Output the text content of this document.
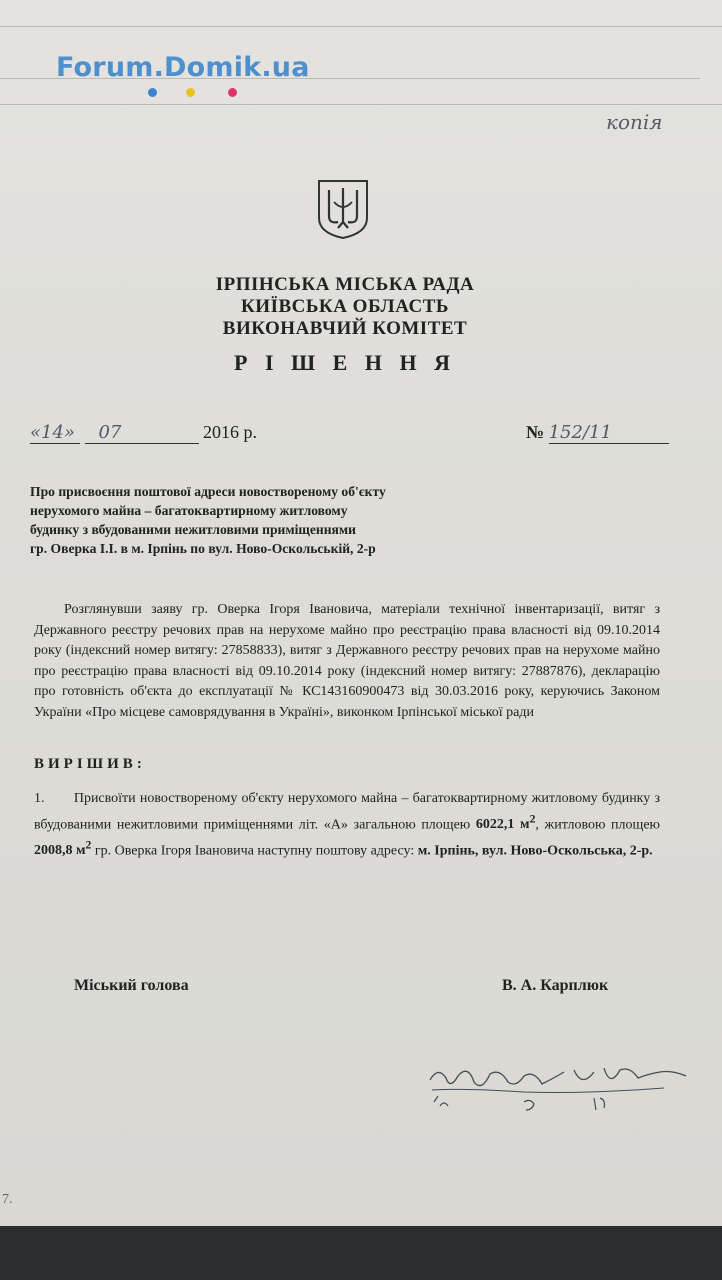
Forum.Domik.ua
копія
ІРПІНСЬКА МІСЬКА РАДА
КИЇВСЬКА ОБЛАСТЬ
ВИКОНАВЧИЙ КОМІТЕТ
Р І Ш Е Н Н Я
«14» 07	2016 р.	№ 152/11
Про присвоєння поштової адреси новоствореному об'єкту
нерухомого майна – багатоквартирному житловому
будинку з вбудованими нежитловими приміщеннями
гр. Оверка І.І. в м. Ірпінь по вул. Ново-Оскольській, 2-р
Розглянувши заяву гр. Оверка Ігоря Івановича, матеріали технічної інвентаризації, витяг з Державного реєстру речових прав на нерухоме майно про реєстрацію права власності від 09.10.2014 року (індексний номер витягу: 27858833), витяг з Державного реєстру речових прав на нерухоме майно про реєстрацію права власності від 09.10.2014 року (індексний номер витягу: 27887876), декларацію про готовність об'єкта до експлуатації № КС143160900473 від 30.03.2016 року, керуючись Законом України «Про місцеве самоврядування в Україні», виконком Ірпінської міської ради
ВИРІШИВ:
1. Присвоїти новоствореному об'єкту нерухомого майна – багатоквартирному житловому будинку з вбудованими нежитловими приміщеннями літ. «А» загальною площею 6022,1 $м^2$, житловою площею 2008,8 $м^2$ гр. Оверка Ігоря Івановича наступну поштову адресу: м. Ірпінь, вул. Ново-Оскольська, 2-р.
Міський голова	В. А. Карплюк
7.
